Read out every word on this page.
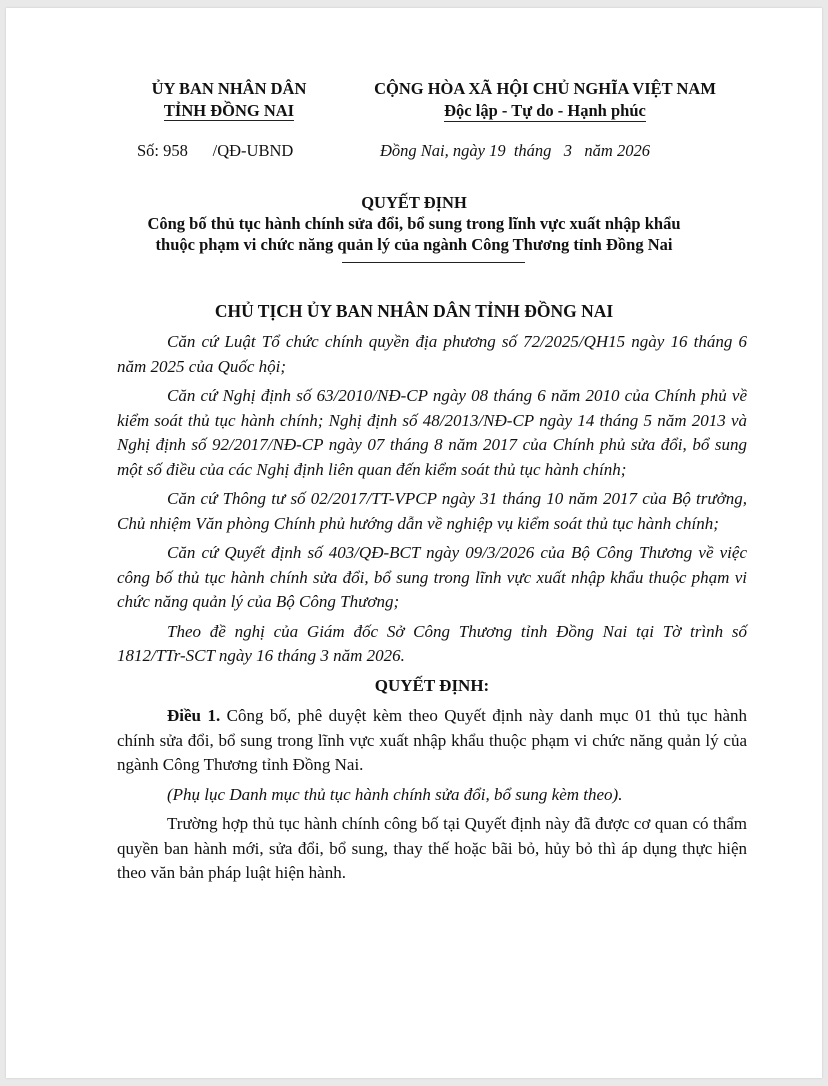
ỦY BAN NHÂN DÂN
TỈNH ĐỒNG NAI
CỘNG HÒA XÃ HỘI CHỦ NGHĨA VIỆT NAM
Độc lập - Tự do - Hạnh phúc
Số: 958      /QĐ-UBND	Đồng Nai, ngày 19  tháng   3   năm 2026
QUYẾT ĐỊNH
Công bố thủ tục hành chính sửa đổi, bổ sung trong lĩnh vực xuất nhập khẩu
thuộc phạm vi chức năng quản lý của ngành Công Thương tỉnh Đồng Nai
CHỦ TỊCH ỦY BAN NHÂN DÂN TỈNH ĐỒNG NAI

Căn cứ Luật Tổ chức chính quyền địa phương số 72/2025/QH15 ngày 16 tháng 6 năm 2025 của Quốc hội;

Căn cứ Nghị định số 63/2010/NĐ-CP ngày 08 tháng 6 năm 2010 của Chính phủ về kiểm soát thủ tục hành chính; Nghị định số 48/2013/NĐ-CP ngày 14 tháng 5 năm 2013 và Nghị định số 92/2017/NĐ-CP ngày 07 tháng 8 năm 2017 của Chính phủ sửa đổi, bổ sung một số điều của các Nghị định liên quan đến kiểm soát thủ tục hành chính;

Căn cứ Thông tư số 02/2017/TT-VPCP ngày 31 tháng 10 năm 2017 của Bộ trưởng, Chủ nhiệm Văn phòng Chính phủ hướng dẫn về nghiệp vụ kiểm soát thủ tục hành chính;

Căn cứ Quyết định số 403/QĐ-BCT ngày 09/3/2026 của Bộ Công Thương về việc công bố thủ tục hành chính sửa đổi, bổ sung trong lĩnh vực xuất nhập khẩu thuộc phạm vi chức năng quản lý của Bộ Công Thương;

Theo đề nghị của Giám đốc Sở Công Thương tỉnh Đồng Nai tại Tờ trình số 1812/TTr-SCT ngày 16 tháng 3 năm 2026.

QUYẾT ĐỊNH:

Điều 1. Công bố, phê duyệt kèm theo Quyết định này danh mục 01 thủ tục hành chính sửa đổi, bổ sung trong lĩnh vực xuất nhập khẩu thuộc phạm vi chức năng quản lý của ngành Công Thương tỉnh Đồng Nai.

(Phụ lục Danh mục thủ tục hành chính sửa đổi, bổ sung kèm theo).

Trường hợp thủ tục hành chính công bố tại Quyết định này đã được cơ quan có thẩm quyền ban hành mới, sửa đổi, bổ sung, thay thế hoặc bãi bỏ, hủy bỏ thì áp dụng thực hiện theo văn bản pháp luật hiện hành.
